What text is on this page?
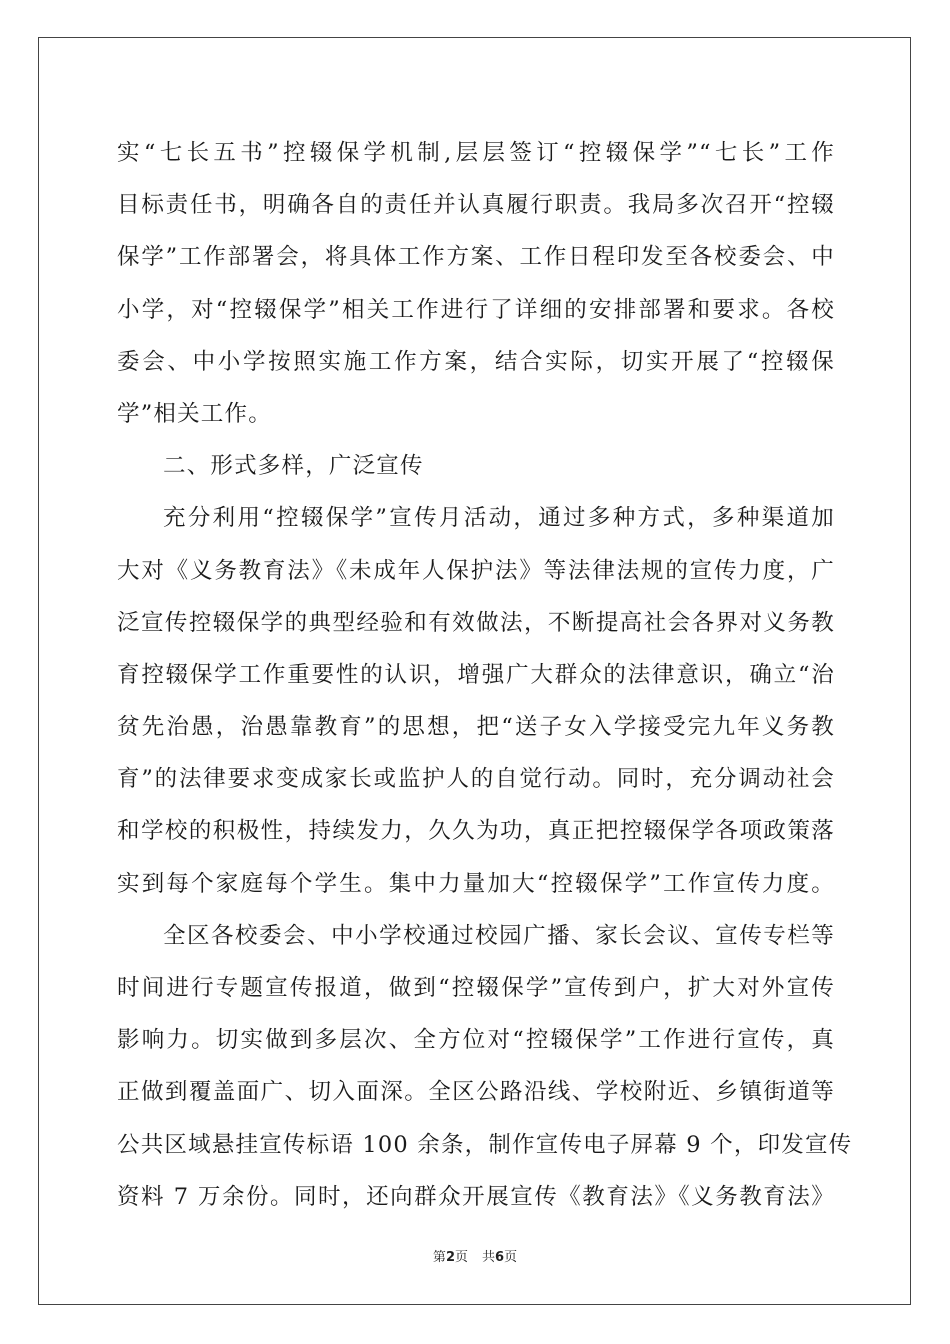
实“七长五书”控辍保学机制,层层签订“控辍保学”“七长”工作
目标责任书，明确各自的责任并认真履行职责。我局多次召开“控辍
保学”工作部署会，将具体工作方案、工作日程印发至各校委会、中
小学，对“控辍保学”相关工作进行了详细的安排部署和要求。各校
委会、中小学按照实施工作方案，结合实际，切实开展了“控辍保
学”相关工作。
二、形式多样，广泛宣传
充分利用“控辍保学”宣传月活动，通过多种方式，多种渠道加
大对《义务教育法》《未成年人保护法》等法律法规的宣传力度，广
泛宣传控辍保学的典型经验和有效做法，不断提高社会各界对义务教
育控辍保学工作重要性的认识，增强广大群众的法律意识，确立“治
贫先治愚，治愚靠教育”的思想，把“送子女入学接受完九年义务教
育”的法律要求变成家长或监护人的自觉行动。同时，充分调动社会
和学校的积极性，持续发力，久久为功，真正把控辍保学各项政策落
实到每个家庭每个学生。集中力量加大“控辍保学”工作宣传力度。
全区各校委会、中小学校通过校园广播、家长会议、宣传专栏等
时间进行专题宣传报道，做到“控辍保学”宣传到户，扩大对外宣传
影响力。切实做到多层次、全方位对“控辍保学”工作进行宣传，真
正做到覆盖面广、切入面深。全区公路沿线、学校附近、乡镇街道等
公共区域悬挂宣传标语 100 余条，制作宣传电子屏幕 9 个，印发宣传
资料 7 万余份。同时，还向群众开展宣传《教育法》《义务教育法》
第2页 共6页
